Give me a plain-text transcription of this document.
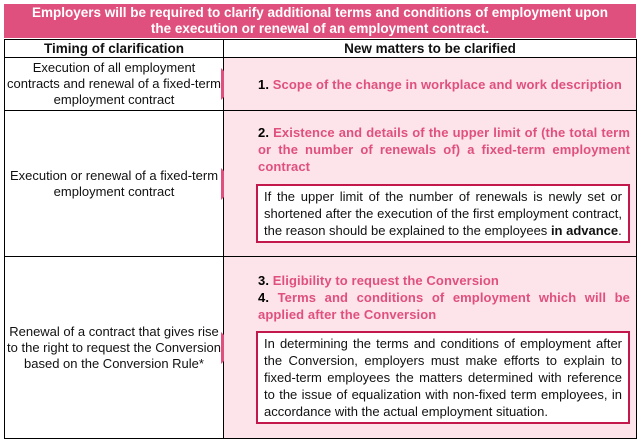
Employers will be required to clarify additional terms and conditions of employment upon
the execution or renewal of an employment contract.
Timing of clarification	New matters to be clarified
Execution of all employment contracts and renewal of a fixed-term employment contract	1. Scope of the change in workplace and work description

Execution or renewal of a fixed-term employment contract	2. Existence and details of the upper limit of (the total term or the number of renewals of) a fixed-term employment contract
If the upper limit of the number of renewals is newly set or shortened after the execution of the first employment contract, the reason should be explained to the employees in advance.

Renewal of a contract that gives rise to the right to request the Conversion based on the Conversion Rule*	3. Eligibility to request the Conversion
4. Terms and conditions of employment which will be applied after the Conversion
In determining the terms and conditions of employment after the Conversion, employers must make efforts to explain to fixed-term employees the matters determined with reference to the issue of equalization with non-fixed term employees, in accordance with the actual employment situation.
